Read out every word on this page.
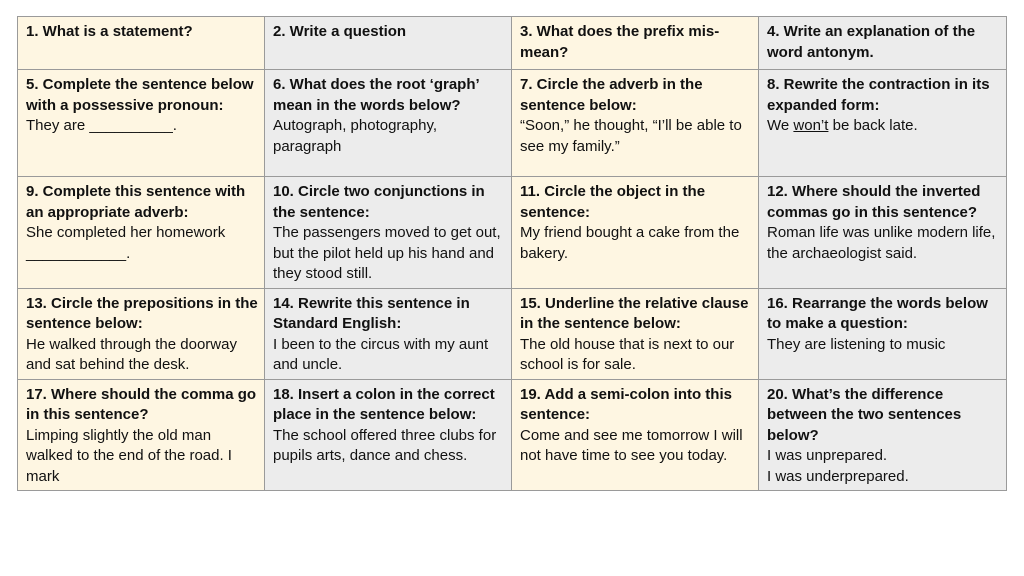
1. What is a statement?	2. Write a question	3. What does the prefix mis- mean?	4. Write an explanation of the word antonym.

5. Complete the sentence below with a possessive pronoun:
They are __________.	6. What does the root ‘graph’ mean in the words below?
Autograph, photography, paragraph	7. Circle the adverb in the sentence below:
“Soon,” he thought, “I’ll be able to see my family.”	8. Rewrite the contraction in its expanded form:
We won’t be back late.

9. Complete this sentence with an appropriate adverb:
She completed her homework ____________.	10. Circle two conjunctions in the sentence:
The passengers moved to get out, but the pilot held up his hand and they stood still.	11. Circle the object in the sentence:
My friend bought a cake from the bakery.	12. Where should the inverted commas go in this sentence?
Roman life was unlike modern life, the archaeologist said.

13. Circle the prepositions in the sentence below:
He walked through the doorway and sat behind the desk.	14. Rewrite this sentence in Standard English:
I been to the circus with my aunt and uncle.	15. Underline the relative clause in the sentence below:
The old house that is next to our school is for sale.	16. Rearrange the words below to make a question:
They are listening to music

17. Where should the comma go in this sentence?
Limping slightly the old man walked to the end of the road. I mark	18. Insert a colon in the correct place in the sentence below:
The school offered three clubs for pupils arts, dance and chess.	19. Add a semi-colon into this sentence:
Come and see me tomorrow I will not have time to see you today.	20. What’s the difference between the two sentences below?
I was unprepared.
I was underprepared.
